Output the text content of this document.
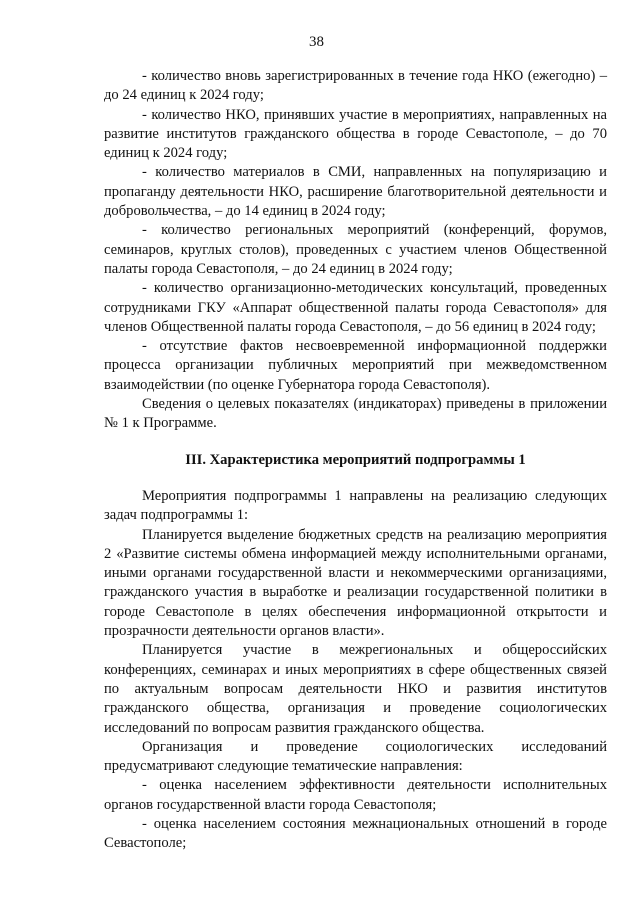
38

- количество вновь зарегистрированных в течение года НКО (ежегодно) – до 24 единиц к 2024 году;

- количество НКО, принявших участие в мероприятиях, направленных на развитие институтов гражданского общества в городе Севастополе, – до 70 единиц к 2024 году;

- количество материалов в СМИ, направленных на популяризацию и пропаганду деятельности НКО, расширение благотворительной деятельности и добровольчества, – до 14 единиц в 2024 году;

- количество региональных мероприятий (конференций, форумов, семинаров, круглых столов), проведенных с участием членов Общественной палаты города Севастополя, – до 24 единиц в 2024 году;

- количество организационно-методических консультаций, проведенных сотрудниками ГКУ «Аппарат общественной палаты города Севастополя» для членов Общественной палаты города Севастополя, – до 56 единиц в 2024 году;

- отсутствие фактов несвоевременной информационной поддержки процесса организации публичных мероприятий при межведомственном взаимодействии (по оценке Губернатора города Севастополя).

Сведения о целевых показателях (индикаторах) приведены в приложении № 1 к Программе.

III. Характеристика мероприятий подпрограммы 1

Мероприятия подпрограммы 1 направлены на реализацию следующих задач подпрограммы 1:

Планируется выделение бюджетных средств на реализацию мероприятия 2 «Развитие системы обмена информацией между исполнительными органами, иными органами государственной власти и некоммерческими организациями, гражданского участия в выработке и реализации государственной политики в городе Севастополе в целях обеспечения информационной открытости и прозрачности деятельности органов власти».

Планируется участие в межрегиональных и общероссийских конференциях, семинарах и иных мероприятиях в сфере общественных связей по актуальным вопросам деятельности НКО и развития институтов гражданского общества, организация и проведение социологических исследований по вопросам развития гражданского общества.

Организация и проведение социологических исследований предусматривают следующие тематические направления:

- оценка населением эффективности деятельности исполнительных органов государственной власти города Севастополя;

- оценка населением состояния межнациональных отношений в городе Севастополе;
